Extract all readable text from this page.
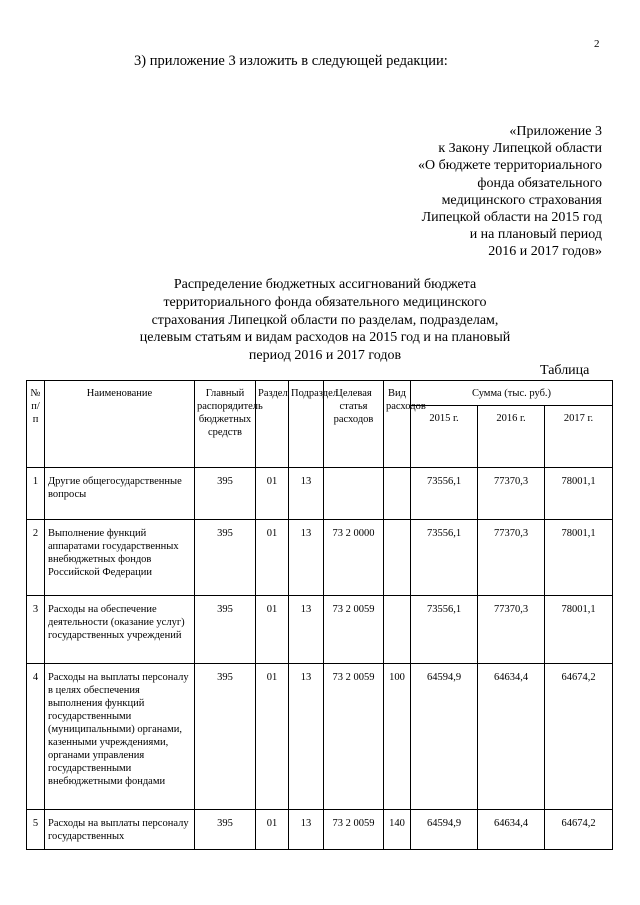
2
3) приложение 3 изложить в следующей редакции:
«Приложение 3
к Закону Липецкой области
«О бюджете территориального
фонда обязательного
медицинского страхования
Липецкой области на 2015 год
и на плановый период
2016 и 2017 годов»
Распределение бюджетных ассигнований бюджета
территориального фонда обязательного медицинского
страхования Липецкой области по разделам, подразделам,
целевым статьям и видам расходов на 2015 год и на плановый
период 2016 и 2017 годов
Таблица
№ п/п	Наименование	Главный распорядитель бюджетных средств	Раздел	Подраздел	Целевая статья расходов	Вид расходов	Сумма (тыс. руб.)		
							2015 г.	2016 г.	2017 г.
1	Другие общегосударственные вопросы	395	01	13			73556,1	77370,3	78001,1
2	Выполнение функций аппаратами государственных внебюджетных фондов Российской Федерации	395	01	13	73 2 0000		73556,1	77370,3	78001,1
3	Расходы на обеспечение деятельности (оказание услуг) государственных учреждений	395	01	13	73 2 0059		73556,1	77370,3	78001,1
4	Расходы на выплаты персоналу в целях обеспечения выполнения функций государственными (муниципальными) органами, казенными учреждениями, органами управления государственными внебюджетными фондами	395	01	13	73 2 0059	100	64594,9	64634,4	64674,2
5	Расходы на выплаты персоналу государственных	395	01	13	73 2 0059	140	64594,9	64634,4	64674,2
